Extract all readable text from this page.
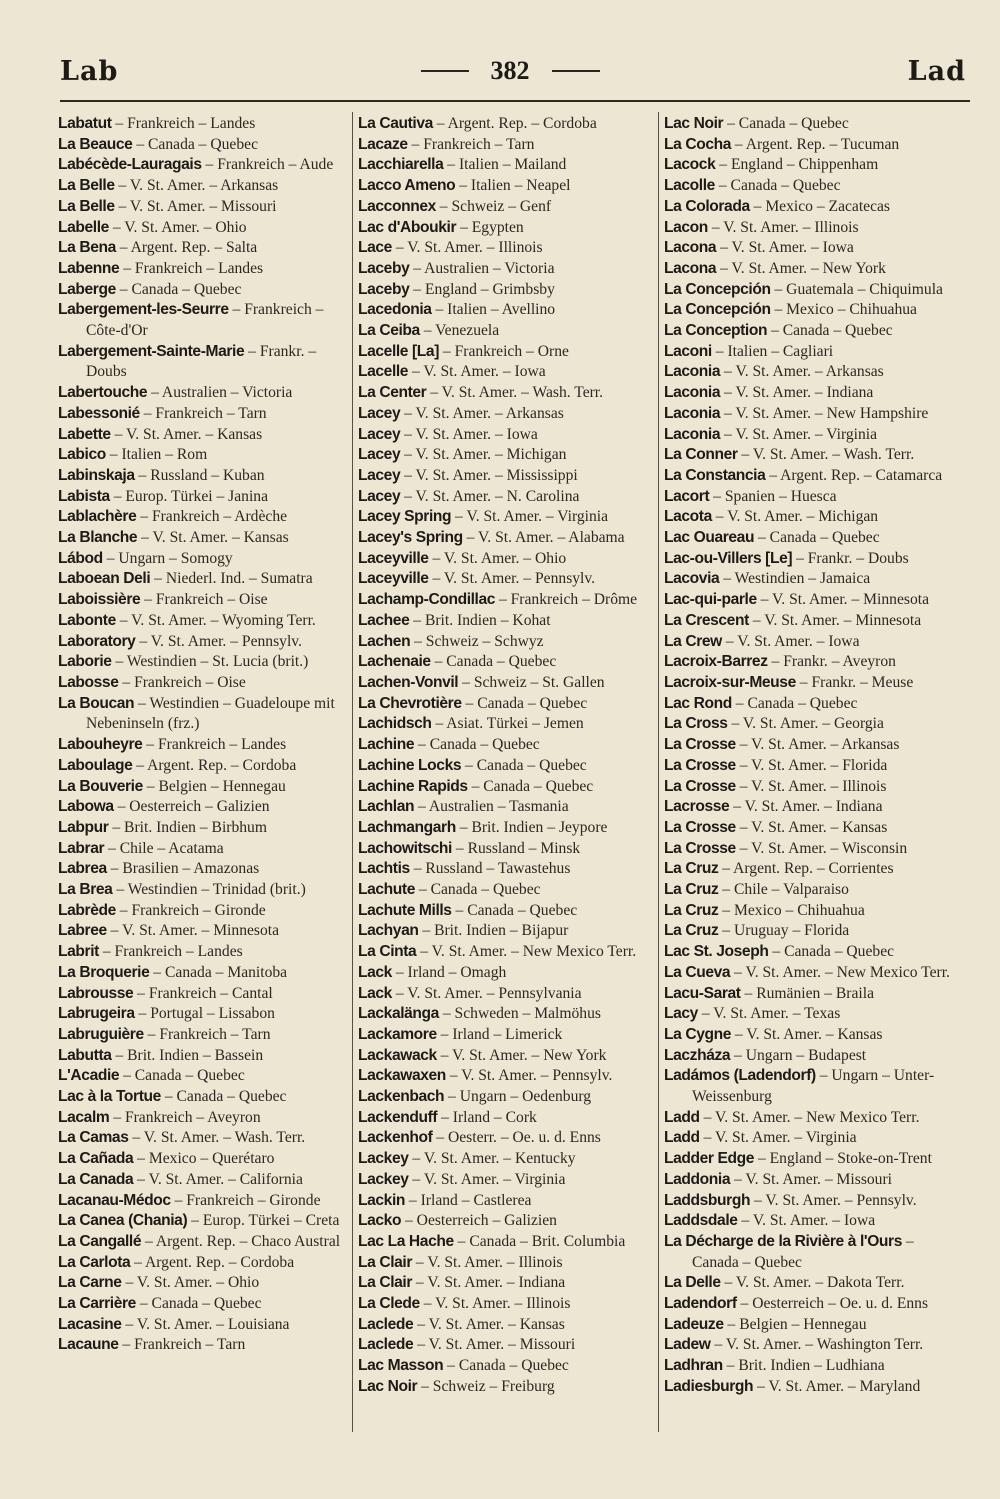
Lab	382	Lad
Labatut – Frankreich – Landes
La Beauce – Canada – Quebec
Labécède-Lauragais – Frankreich – Aude
La Belle – V. St. Amer. – Arkansas
La Belle – V. St. Amer. – Missouri
Labelle – V. St. Amer. – Ohio
La Bena – Argent. Rep. – Salta
Labenne – Frankreich – Landes
Laberge – Canada – Quebec
Labergement-les-Seurre – Frankreich – Côte-d'Or
Labergement-Sainte-Marie – Frankr. – Doubs
Labertouche – Australien – Victoria
Labessonié – Frankreich – Tarn
Labette – V. St. Amer. – Kansas
Labico – Italien – Rom
Labinskaja – Russland – Kuban
Labista – Europ. Türkei – Janina
Lablachère – Frankreich – Ardèche
La Blanche – V. St. Amer. – Kansas
Lábod – Ungarn – Somogy
Laboean Deli – Niederl. Ind. – Sumatra
Laboissière – Frankreich – Oise
Labonte – V. St. Amer. – Wyoming Terr.
Laboratory – V. St. Amer. – Pennsylv.
Laborie – Westindien – St. Lucia (brit.)
Labosse – Frankreich – Oise
La Boucan – Westindien – Guadeloupe mit Nebeninseln (frz.)
Labouheyre – Frankreich – Landes
Laboulage – Argent. Rep. – Cordoba
La Bouverie – Belgien – Hennegau
Labowa – Oesterreich – Galizien
Labpur – Brit. Indien – Birbhum
Labrar – Chile – Acatama
Labrea – Brasilien – Amazonas
La Brea – Westindien – Trinidad (brit.)
Labrède – Frankreich – Gironde
Labree – V. St. Amer. – Minnesota
Labrit – Frankreich – Landes
La Broquerie – Canada – Manitoba
Labrousse – Frankreich – Cantal
Labrugeira – Portugal – Lissabon
Labruguière – Frankreich – Tarn
Labutta – Brit. Indien – Bassein
L'Acadie – Canada – Quebec
Lac à la Tortue – Canada – Quebec
Lacalm – Frankreich – Aveyron
La Camas – V. St. Amer. – Wash. Terr.
La Cañada – Mexico – Querétaro
La Canada – V. St. Amer. – California
Lacanau-Médoc – Frankreich – Gironde
La Canea (Chania) – Europ. Türkei – Creta
La Cangallé – Argent. Rep. – Chaco Austral
La Carlota – Argent. Rep. – Cordoba
La Carne – V. St. Amer. – Ohio
La Carrière – Canada – Quebec
Lacasine – V. St. Amer. – Louisiana
Lacaune – Frankreich – Tarn
La Cautiva – Argent. Rep. – Cordoba
Lacaze – Frankreich – Tarn
Lacchiarella – Italien – Mailand
Lacco Ameno – Italien – Neapel
Lacconnex – Schweiz – Genf
Lac d'Aboukir – Egypten
Lace – V. St. Amer. – Illinois
Laceby – Australien – Victoria
Laceby – England – Grimbsby
Lacedonia – Italien – Avellino
La Ceiba – Venezuela
Lacelle [La] – Frankreich – Orne
Lacelle – V. St. Amer. – Iowa
La Center – V. St. Amer. – Wash. Terr.
Lacey – V. St. Amer. – Arkansas
Lacey – V. St. Amer. – Iowa
Lacey – V. St. Amer. – Michigan
Lacey – V. St. Amer. – Mississippi
Lacey – V. St. Amer. – N. Carolina
Lacey Spring – V. St. Amer. – Virginia
Lacey's Spring – V. St. Amer. – Alabama
Laceyville – V. St. Amer. – Ohio
Laceyville – V. St. Amer. – Pennsylv.
Lachamp-Condillac – Frankreich – Drôme
Lachee – Brit. Indien – Kohat
Lachen – Schweiz – Schwyz
Lachenaie – Canada – Quebec
Lachen-Vonvil – Schweiz – St. Gallen
La Chevrotière – Canada – Quebec
Lachidsch – Asiat. Türkei – Jemen
Lachine – Canada – Quebec
Lachine Locks – Canada – Quebec
Lachine Rapids – Canada – Quebec
Lachlan – Australien – Tasmania
Lachmangarh – Brit. Indien – Jeypore
Lachowitschi – Russland – Minsk
Lachtis – Russland – Tawastehus
Lachute – Canada – Quebec
Lachute Mills – Canada – Quebec
Lachyan – Brit. Indien – Bijapur
La Cinta – V. St. Amer. – New Mexico Terr.
Lack – Irland – Omagh
Lack – V. St. Amer. – Pennsylvania
Lackalänga – Schweden – Malmöhus
Lackamore – Irland – Limerick
Lackawack – V. St. Amer. – New York
Lackawaxen – V. St. Amer. – Pennsylv.
Lackenbach – Ungarn – Oedenburg
Lackenduff – Irland – Cork
Lackenhof – Oesterr. – Oe. u. d. Enns
Lackey – V. St. Amer. – Kentucky
Lackey – V. St. Amer. – Virginia
Lackin – Irland – Castlerea
Lacko – Oesterreich – Galizien
Lac La Hache – Canada – Brit. Columbia
La Clair – V. St. Amer. – Illinois
La Clair – V. St. Amer. – Indiana
La Clede – V. St. Amer. – Illinois
Laclede – V. St. Amer. – Kansas
Laclede – V. St. Amer. – Missouri
Lac Masson – Canada – Quebec
Lac Noir – Schweiz – Freiburg
Lac Noir – Canada – Quebec
La Cocha – Argent. Rep. – Tucuman
Lacock – England – Chippenham
Lacolle – Canada – Quebec
La Colorada – Mexico – Zacatecas
Lacon – V. St. Amer. – Illinois
Lacona – V. St. Amer. – Iowa
Lacona – V. St. Amer. – New York
La Concepción – Guatemala – Chiquimula
La Concepción – Mexico – Chihuahua
La Conception – Canada – Quebec
Laconi – Italien – Cagliari
Laconia – V. St. Amer. – Arkansas
Laconia – V. St. Amer. – Indiana
Laconia – V. St. Amer. – New Hampshire
Laconia – V. St. Amer. – Virginia
La Conner – V. St. Amer. – Wash. Terr.
La Constancia – Argent. Rep. – Catamarca
Lacort – Spanien – Huesca
Lacota – V. St. Amer. – Michigan
Lac Ouareau – Canada – Quebec
Lac-ou-Villers [Le] – Frankr. – Doubs
Lacovia – Westindien – Jamaica
Lac-qui-parle – V. St. Amer. – Minnesota
La Crescent – V. St. Amer. – Minnesota
La Crew – V. St. Amer. – Iowa
Lacroix-Barrez – Frankr. – Aveyron
Lacroix-sur-Meuse – Frankr. – Meuse
Lac Rond – Canada – Quebec
La Cross – V. St. Amer. – Georgia
La Crosse – V. St. Amer. – Arkansas
La Crosse – V. St. Amer. – Florida
La Crosse – V. St. Amer. – Illinois
Lacrosse – V. St. Amer. – Indiana
La Crosse – V. St. Amer. – Kansas
La Crosse – V. St. Amer. – Wisconsin
La Cruz – Argent. Rep. – Corrientes
La Cruz – Chile – Valparaiso
La Cruz – Mexico – Chihuahua
La Cruz – Uruguay – Florida
Lac St. Joseph – Canada – Quebec
La Cueva – V. St. Amer. – New Mexico Terr.
Lacu-Sarat – Rumänien – Braila
Lacy – V. St. Amer. – Texas
La Cygne – V. St. Amer. – Kansas
Laczháza – Ungarn – Budapest
Ladámos (Ladendorf) – Ungarn – Unter-Weissenburg
Ladd – V. St. Amer. – New Mexico Terr.
Ladd – V. St. Amer. – Virginia
Ladder Edge – England – Stoke-on-Trent
Laddonia – V. St. Amer. – Missouri
Laddsburgh – V. St. Amer. – Pennsylv.
Laddsdale – V. St. Amer. – Iowa
La Décharge de la Rivière à l'Ours – Canada – Quebec
La Delle – V. St. Amer. – Dakota Terr.
Ladendorf – Oesterreich – Oe. u. d. Enns
Ladeuze – Belgien – Hennegau
Ladew – V. St. Amer. – Washington Terr.
Ladhran – Brit. Indien – Ludhiana
Ladiesburgh – V. St. Amer. – Maryland
